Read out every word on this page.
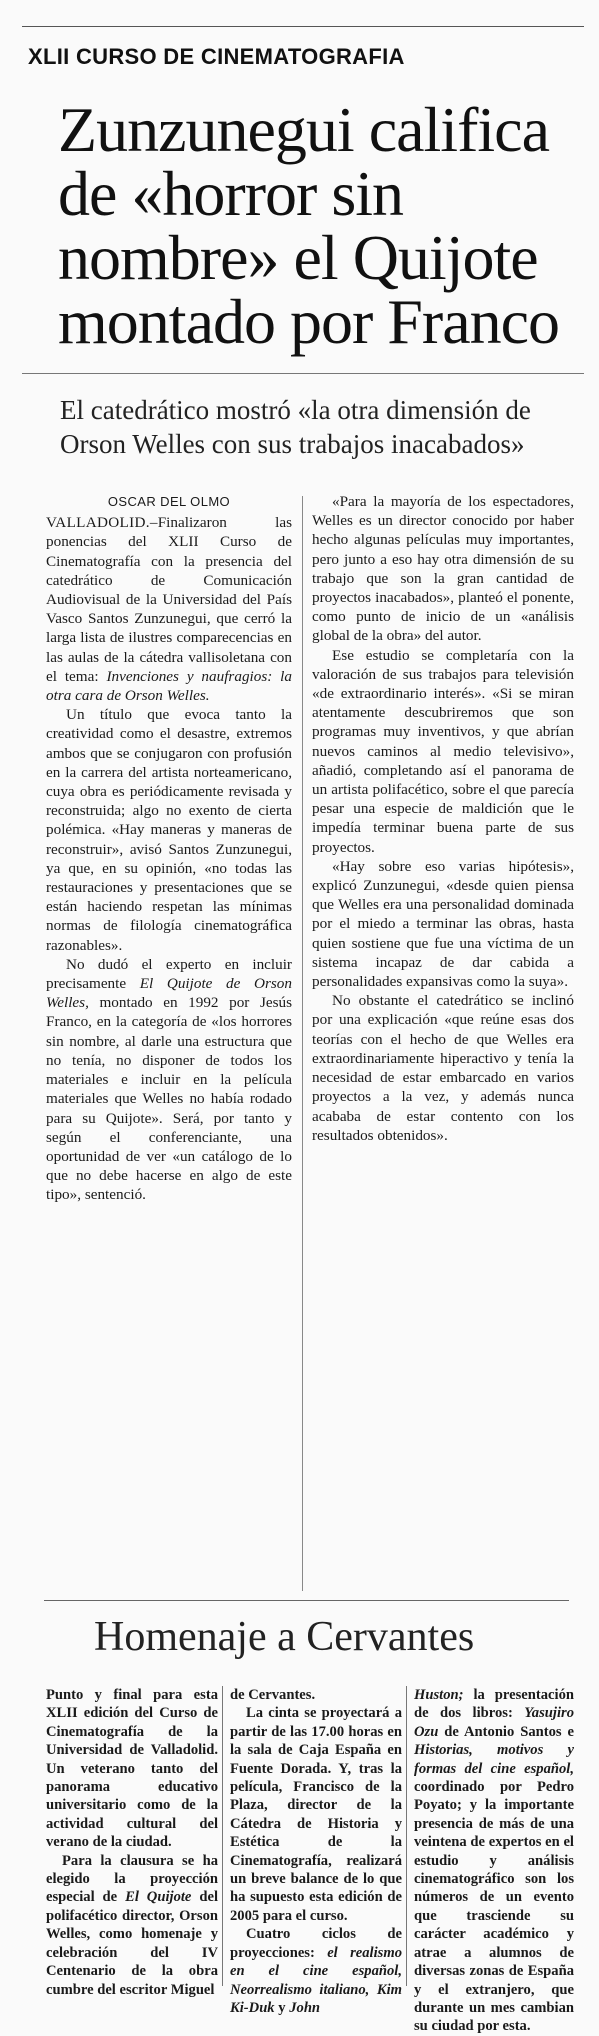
XLII CURSO DE CINEMATOGRAFIA
Zunzunegui califica de «horror sin nombre» el Quijote montado por Franco
El catedrático mostró «la otra dimensión de Orson Welles con sus trabajos inacabados»

OSCAR DEL OLMO

VALLADOLID.–Finalizaron las ponencias del XLII Curso de Cinematografía con la presencia del catedrático de Comunicación Audiovisual de la Universidad del País Vasco Santos Zunzunegui, que cerró la larga lista de ilustres comparecencias en las aulas de la cátedra vallisoletana con el tema: Invenciones y naufragios: la otra cara de Orson Welles.

Un título que evoca tanto la creatividad como el desastre, extremos ambos que se conjugaron con profusión en la carrera del artista norteamericano, cuya obra es periódicamente revisada y reconstruida; algo no exento de cierta polémica. «Hay maneras y maneras de reconstruir», avisó Santos Zunzunegui, ya que, en su opinión, «no todas las restauraciones y presentaciones que se están haciendo respetan las mínimas normas de filología cinematográfica razonables».

No dudó el experto en incluir precisamente El Quijote de Orson Welles, montado en 1992 por Jesús Franco, en la categoría de «los horrores sin nombre, al darle una estructura que no tenía, no disponer de todos los materiales e incluir en la película materiales que Welles no había rodado para su Quijote». Será, por tanto y según el conferenciante, una oportunidad de ver «un catálogo de lo que no debe hacerse en algo de este tipo», sentenció.

«Para la mayoría de los espectadores, Welles es un director conocido por haber hecho algunas películas muy importantes, pero junto a eso hay otra dimensión de su trabajo que son la gran cantidad de proyectos inacabados», planteó el ponente, como punto de inicio de un «análisis global de la obra» del autor.

Ese estudio se completaría con la valoración de sus trabajos para televisión «de extraordinario interés». «Si se miran atentamente descubriremos que son programas muy inventivos, y que abrían nuevos caminos al medio televisivo», añadió, completando así el panorama de un artista polifacético, sobre el que parecía pesar una especie de maldición que le impedía terminar buena parte de sus proyectos.

«Hay sobre eso varias hipótesis», explicó Zunzunegui, «desde quien piensa que Welles era una personalidad dominada por el miedo a terminar las obras, hasta quien sostiene que fue una víctima de un sistema incapaz de dar cabida a personalidades expansivas como la suya».

No obstante el catedrático se inclinó por una explicación «que reúne esas dos teorías con el hecho de que Welles era extraordinariamente hiperactivo y tenía la necesidad de estar embarcado en varios proyectos a la vez, y además nunca acababa de estar contento con los resultados obtenidos».

Homenaje a Cervantes

Punto y final para esta XLII edición del Curso de Cinematografía de la Universidad de Valladolid. Un veterano tanto del panorama educativo universitario como de la actividad cultural del verano de la ciudad.

Para la clausura se ha elegido la proyección especial de El Quijote del polifacético director, Orson Welles, como homenaje y celebración del IV Centenario de la obra cumbre del escritor Miguel

de Cervantes.

La cinta se proyectará a partir de las 17.00 horas en la sala de Caja España en Fuente Dorada. Y, tras la película, Francisco de la Plaza, director de la Cátedra de Historia y Estética de la Cinematografía, realizará un breve balance de lo que ha supuesto esta edición de 2005 para el curso.

Cuatro ciclos de proyecciones: el realismo en el cine español, Neorrealismo italiano, Kim Ki-Duk y John

Huston; la presentación de dos libros: Yasujiro Ozu de Antonio Santos e Historias, motivos y formas del cine español, coordinado por Pedro Poyato; y la importante presencia de más de una veintena de expertos en el estudio y análisis cinematográfico son los números de un evento que trasciende su carácter académico y atrae a alumnos de diversas zonas de España y el extranjero, que durante un mes cambian su ciudad por esta.
